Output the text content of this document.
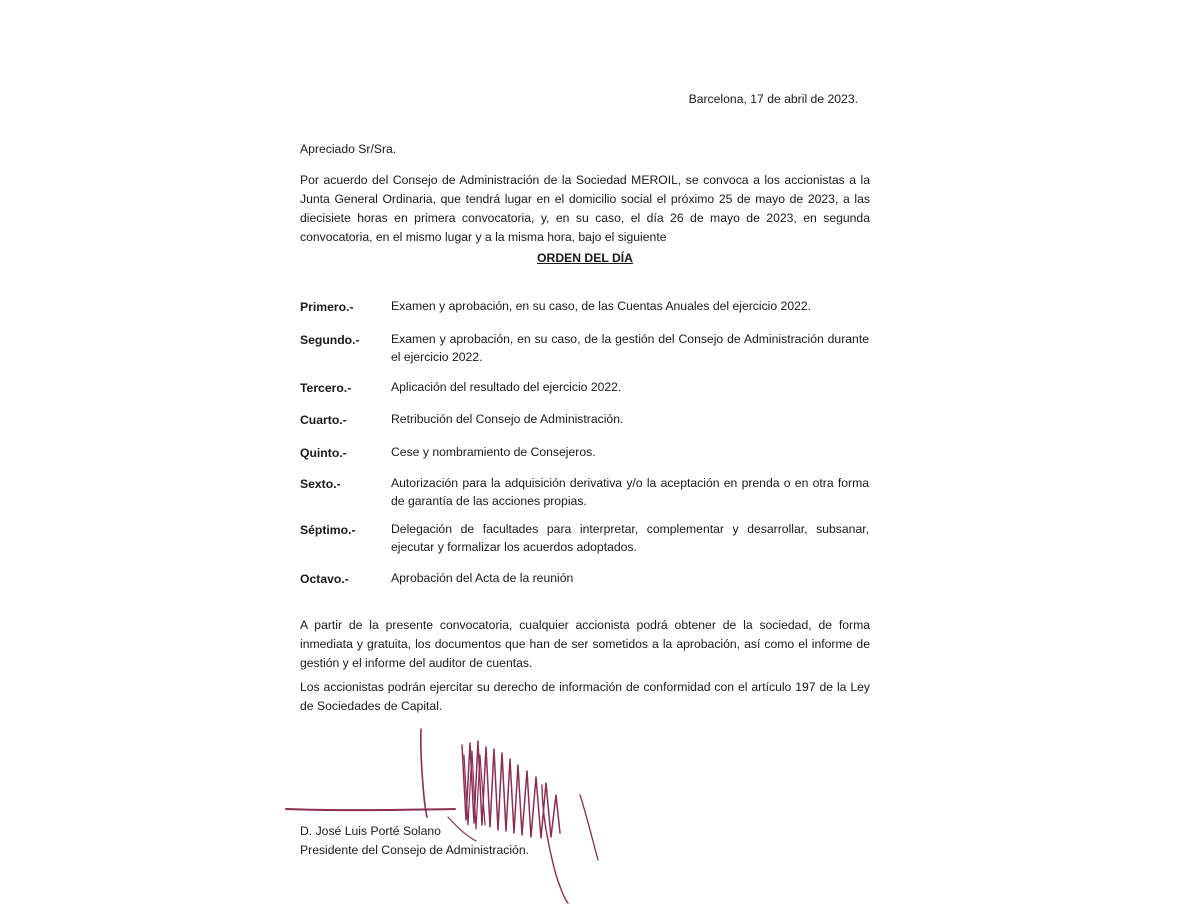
Barcelona, 17 de abril de 2023.
Apreciado Sr/Sra.
Por acuerdo del Consejo de Administración de la Sociedad MEROIL, se convoca a los accionistas a la Junta General Ordinaria, que tendrá lugar en el domicilio social el próximo 25 de mayo de 2023, a las diecisiete horas en primera convocatoria, y, en su caso, el día 26 de mayo de 2023, en segunda convocatoria, en el mismo lugar y a la misma hora, bajo el siguiente
ORDEN DEL DÍA
Primero.-	Examen y aprobación, en su caso, de las Cuentas Anuales del ejercicio 2022.
Segundo.-	Examen y aprobación, en su caso, de la gestión del Consejo de Administración durante el ejercicio 2022.
Tercero.-	Aplicación del resultado del ejercicio 2022.
Cuarto.-	Retribución del Consejo de Administración.
Quinto.-	Cese y nombramiento de Consejeros.
Sexto.-	Autorización para la adquisición derivativa y/o la aceptación en prenda o en otra forma de garantía de las acciones propias.
Séptimo.-	Delegación de facultades para interpretar, complementar y desarrollar, subsanar, ejecutar y formalizar los acuerdos adoptados.
Octavo.-	Aprobación del Acta de la reunión
A partir de la presente convocatoria, cualquier accionista podrá obtener de la sociedad, de forma inmediata y gratuita, los documentos que han de ser sometidos a la aprobación, así como el informe de gestión y el informe del auditor de cuentas.
Los accionistas podrán ejercitar su derecho de información de conformidad con el artículo 197 de la Ley de Sociedades de Capital.
D. José Luis Porté Solano
Presidente del Consejo de Administración.
